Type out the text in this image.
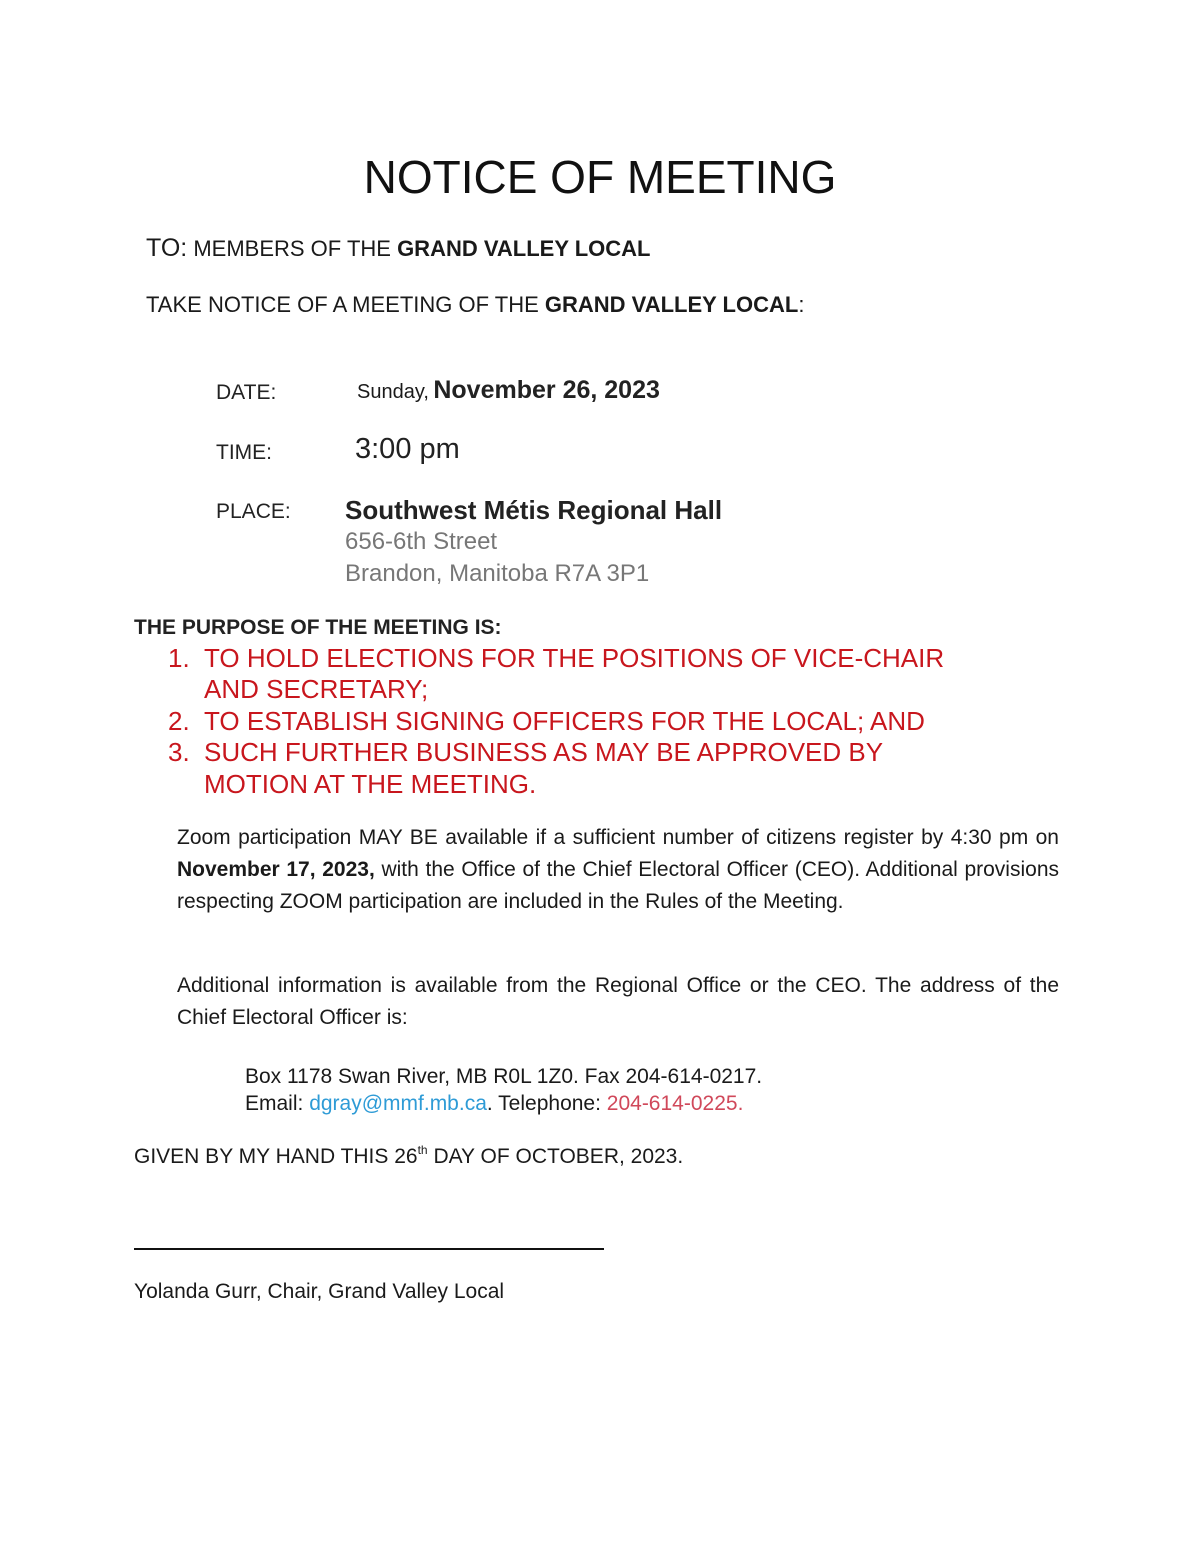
NOTICE OF MEETING
TO: MEMBERS OF THE GRAND VALLEY LOCAL
TAKE NOTICE OF A MEETING OF THE GRAND VALLEY LOCAL:
DATE:	Sunday, November 26, 2023
TIME:	3:00 pm
PLACE: Southwest Métis Regional Hall
656-6th Street
Brandon, Manitoba R7A 3P1
THE PURPOSE OF THE MEETING IS:
1. TO HOLD ELECTIONS FOR THE POSITIONS OF VICE-CHAIR
AND SECRETARY;
2. TO ESTABLISH SIGNING OFFICERS FOR THE LOCAL; AND
3. SUCH FURTHER BUSINESS AS MAY BE APPROVED BY
MOTION AT THE MEETING.
Zoom participation MAY BE available if a sufficient number of citizens register by 4:30 pm on November 17, 2023, with the Office of the Chief Electoral Officer (CEO). Additional provisions respecting ZOOM participation are included in the Rules of the Meeting.
Additional information is available from the Regional Office or the CEO. The address of the Chief Electoral Officer is:
Box 1178 Swan River, MB R0L 1Z0. Fax 204-614-0217.
Email: dgray@mmf.mb.ca. Telephone: 204-614-0225.
GIVEN BY MY HAND THIS 26th DAY OF OCTOBER, 2023.
Yolanda Gurr, Chair, Grand Valley Local
